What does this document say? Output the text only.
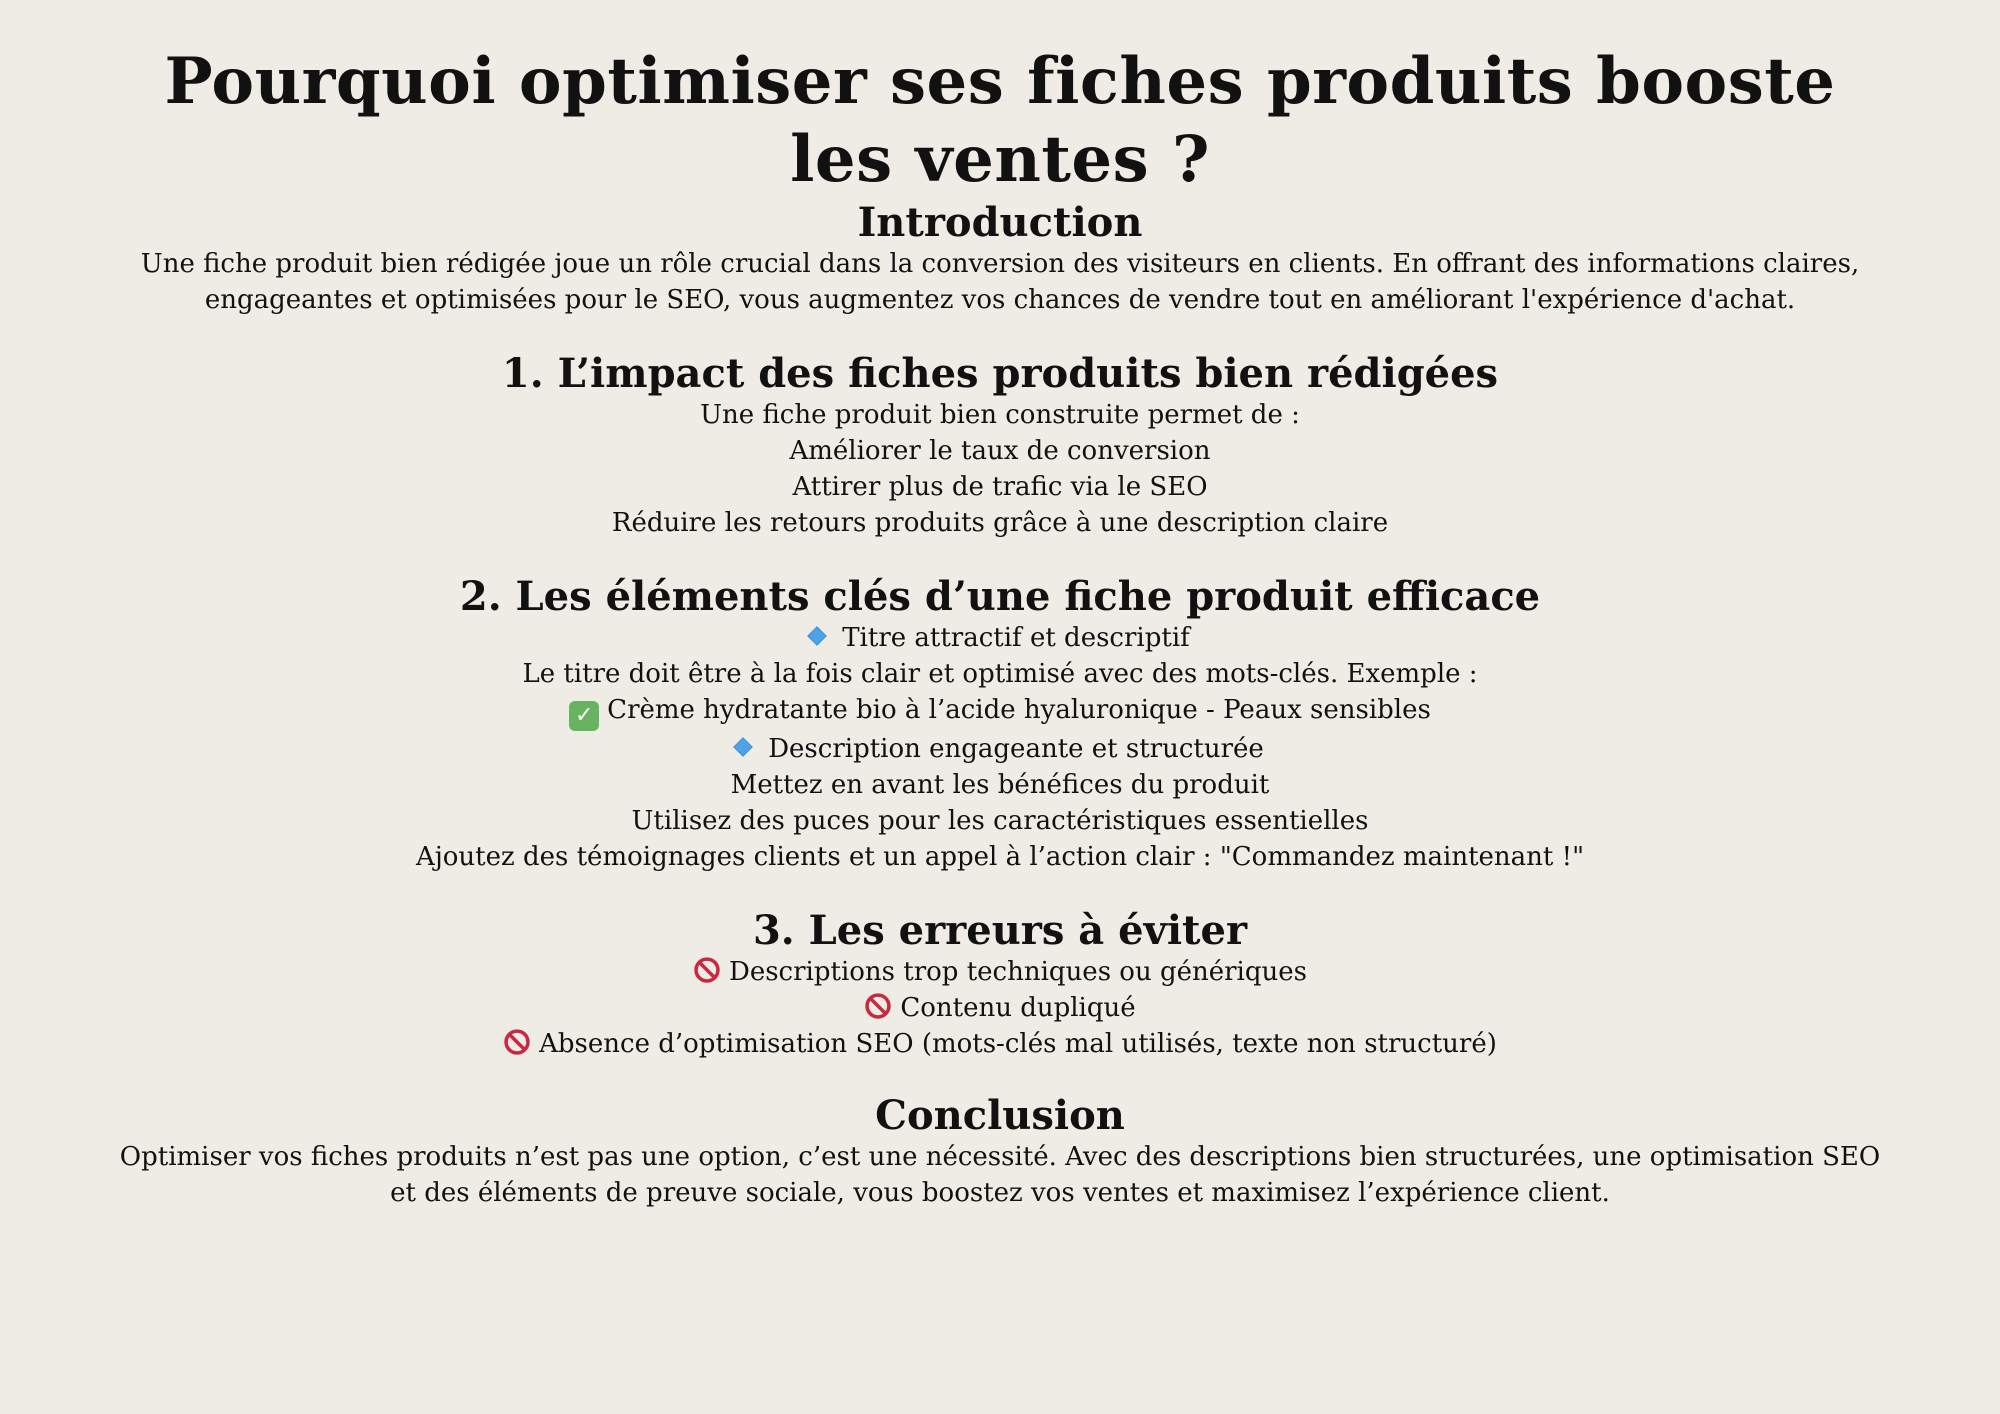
Pourquoi optimiser ses fiches produits booste les ventes ?
Introduction

Une fiche produit bien rédigée joue un rôle crucial dans la conversion des visiteurs en clients. En offrant des informations claires, engageantes et optimisées pour le SEO, vous augmentez vos chances de vendre tout en améliorant l'expérience d'achat.

1. L’impact des fiches produits bien rédigées

Une fiche produit bien construite permet de :

Améliorer le taux de conversion

Attirer plus de trafic via le SEO

Réduire les retours produits grâce à une description claire

2. Les éléments clés d’une fiche produit efficace

Titre attractif et descriptif

Le titre doit être à la fois clair et optimisé avec des mots-clés. Exemple :

✓ Crème hydratante bio à l’acide hyaluronique - Peaux sensibles

Description engageante et structurée

Mettez en avant les bénéfices du produit

Utilisez des puces pour les caractéristiques essentielles

Ajoutez des témoignages clients et un appel à l’action clair : "Commandez maintenant !"

3. Les erreurs à éviter

Descriptions trop techniques ou génériques

Contenu dupliqué

Absence d’optimisation SEO (mots-clés mal utilisés, texte non structuré)

Conclusion

Optimiser vos fiches produits n’est pas une option, c’est une nécessité. Avec des descriptions bien structurées, une optimisation SEO et des éléments de preuve sociale, vous boostez vos ventes et maximisez l’expérience client.
